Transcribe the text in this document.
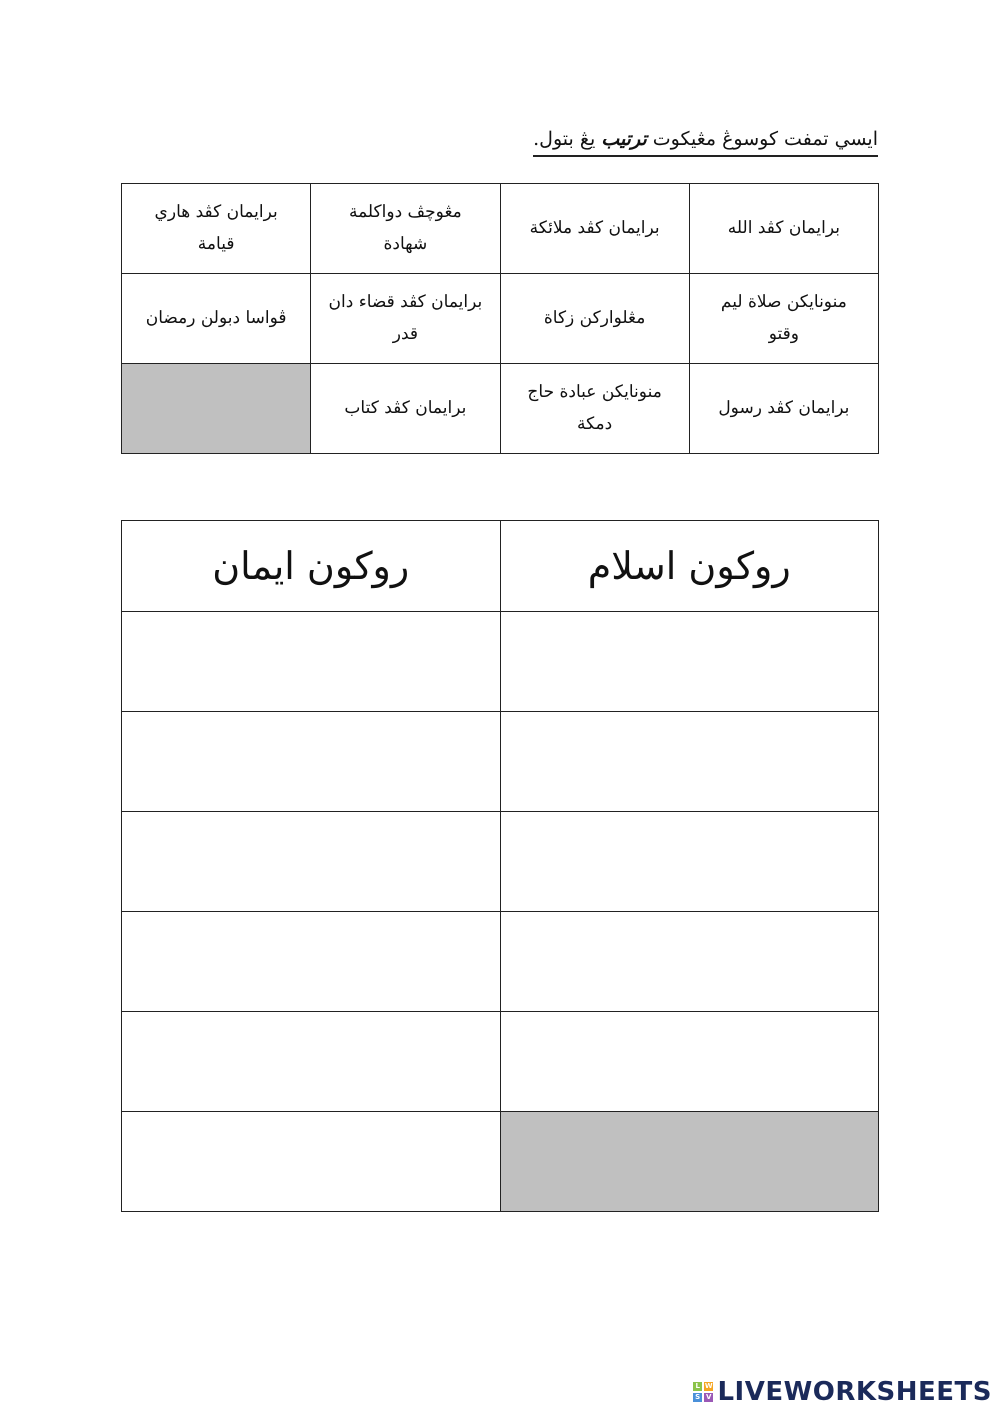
ايسي تمفت كوسوڠ مڠيكوت ترتيب يڠ بتول.
برايمان كڤد الله	برايمان كڤد ملائكة	مڠوچڤ دواكلمة شهادة	برايمان كڤد هاري قيامة
منونايكن صلاة ليم وقتو	مڠلواركن زكاة	برايمان كڤد قضاء دان قدر	ڤواسا دبولن رمضان
برايمان كڤد رسول	منونايكن عبادة حاج دمكة	برايمان كڤد كتاب	
روكون اسلام	روكون ايمان

L W
S V LIVEWORKSHEETS
